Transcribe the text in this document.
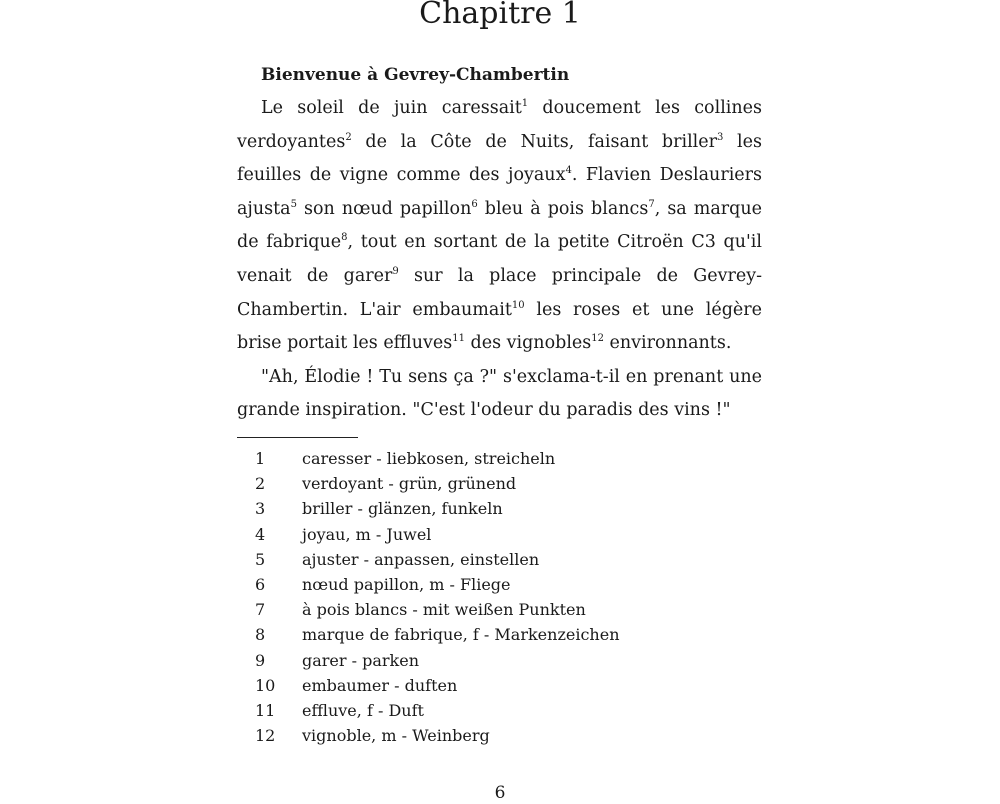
Chapitre 1
Bienvenue à Gevrey-Chambertin

Le soleil de juin caressait$^1$ doucement les collines verdoyantes$^2$ de la Côte de Nuits, faisant briller$^3$ les feuilles de vigne comme des joyaux$^4$. Flavien Deslauriers ajusta$^5$ son nœud papillon$^6$ bleu à pois blancs$^7$, sa marque de fabrique$^8$, tout en sortant de la petite Citroën C3 qu'il venait de garer$^9$ sur la place principale de Gevrey-Chambertin. L'air embaumait$^{10}$ les roses et une légère brise portait les effluves$^{11}$ des vignobles$^{12}$ environnants.

"Ah, Élodie ! Tu sens ça ?" s'exclama-t-il en prenant une grande inspiration. "C'est l'odeur du paradis des vins !"

1 caresser - liebkosen, streicheln
2 verdoyant - grün, grünend
3 briller - glänzen, funkeln
4 joyau, m - Juwel
5 ajuster - anpassen, einstellen
6 nœud papillon, m - Fliege
7 à pois blancs - mit weißen Punkten
8 marque de fabrique, f - Markenzeichen
9 garer - parken
10 embaumer - duften
11 effluve, f - Duft
12 vignoble, m - Weinberg
6
